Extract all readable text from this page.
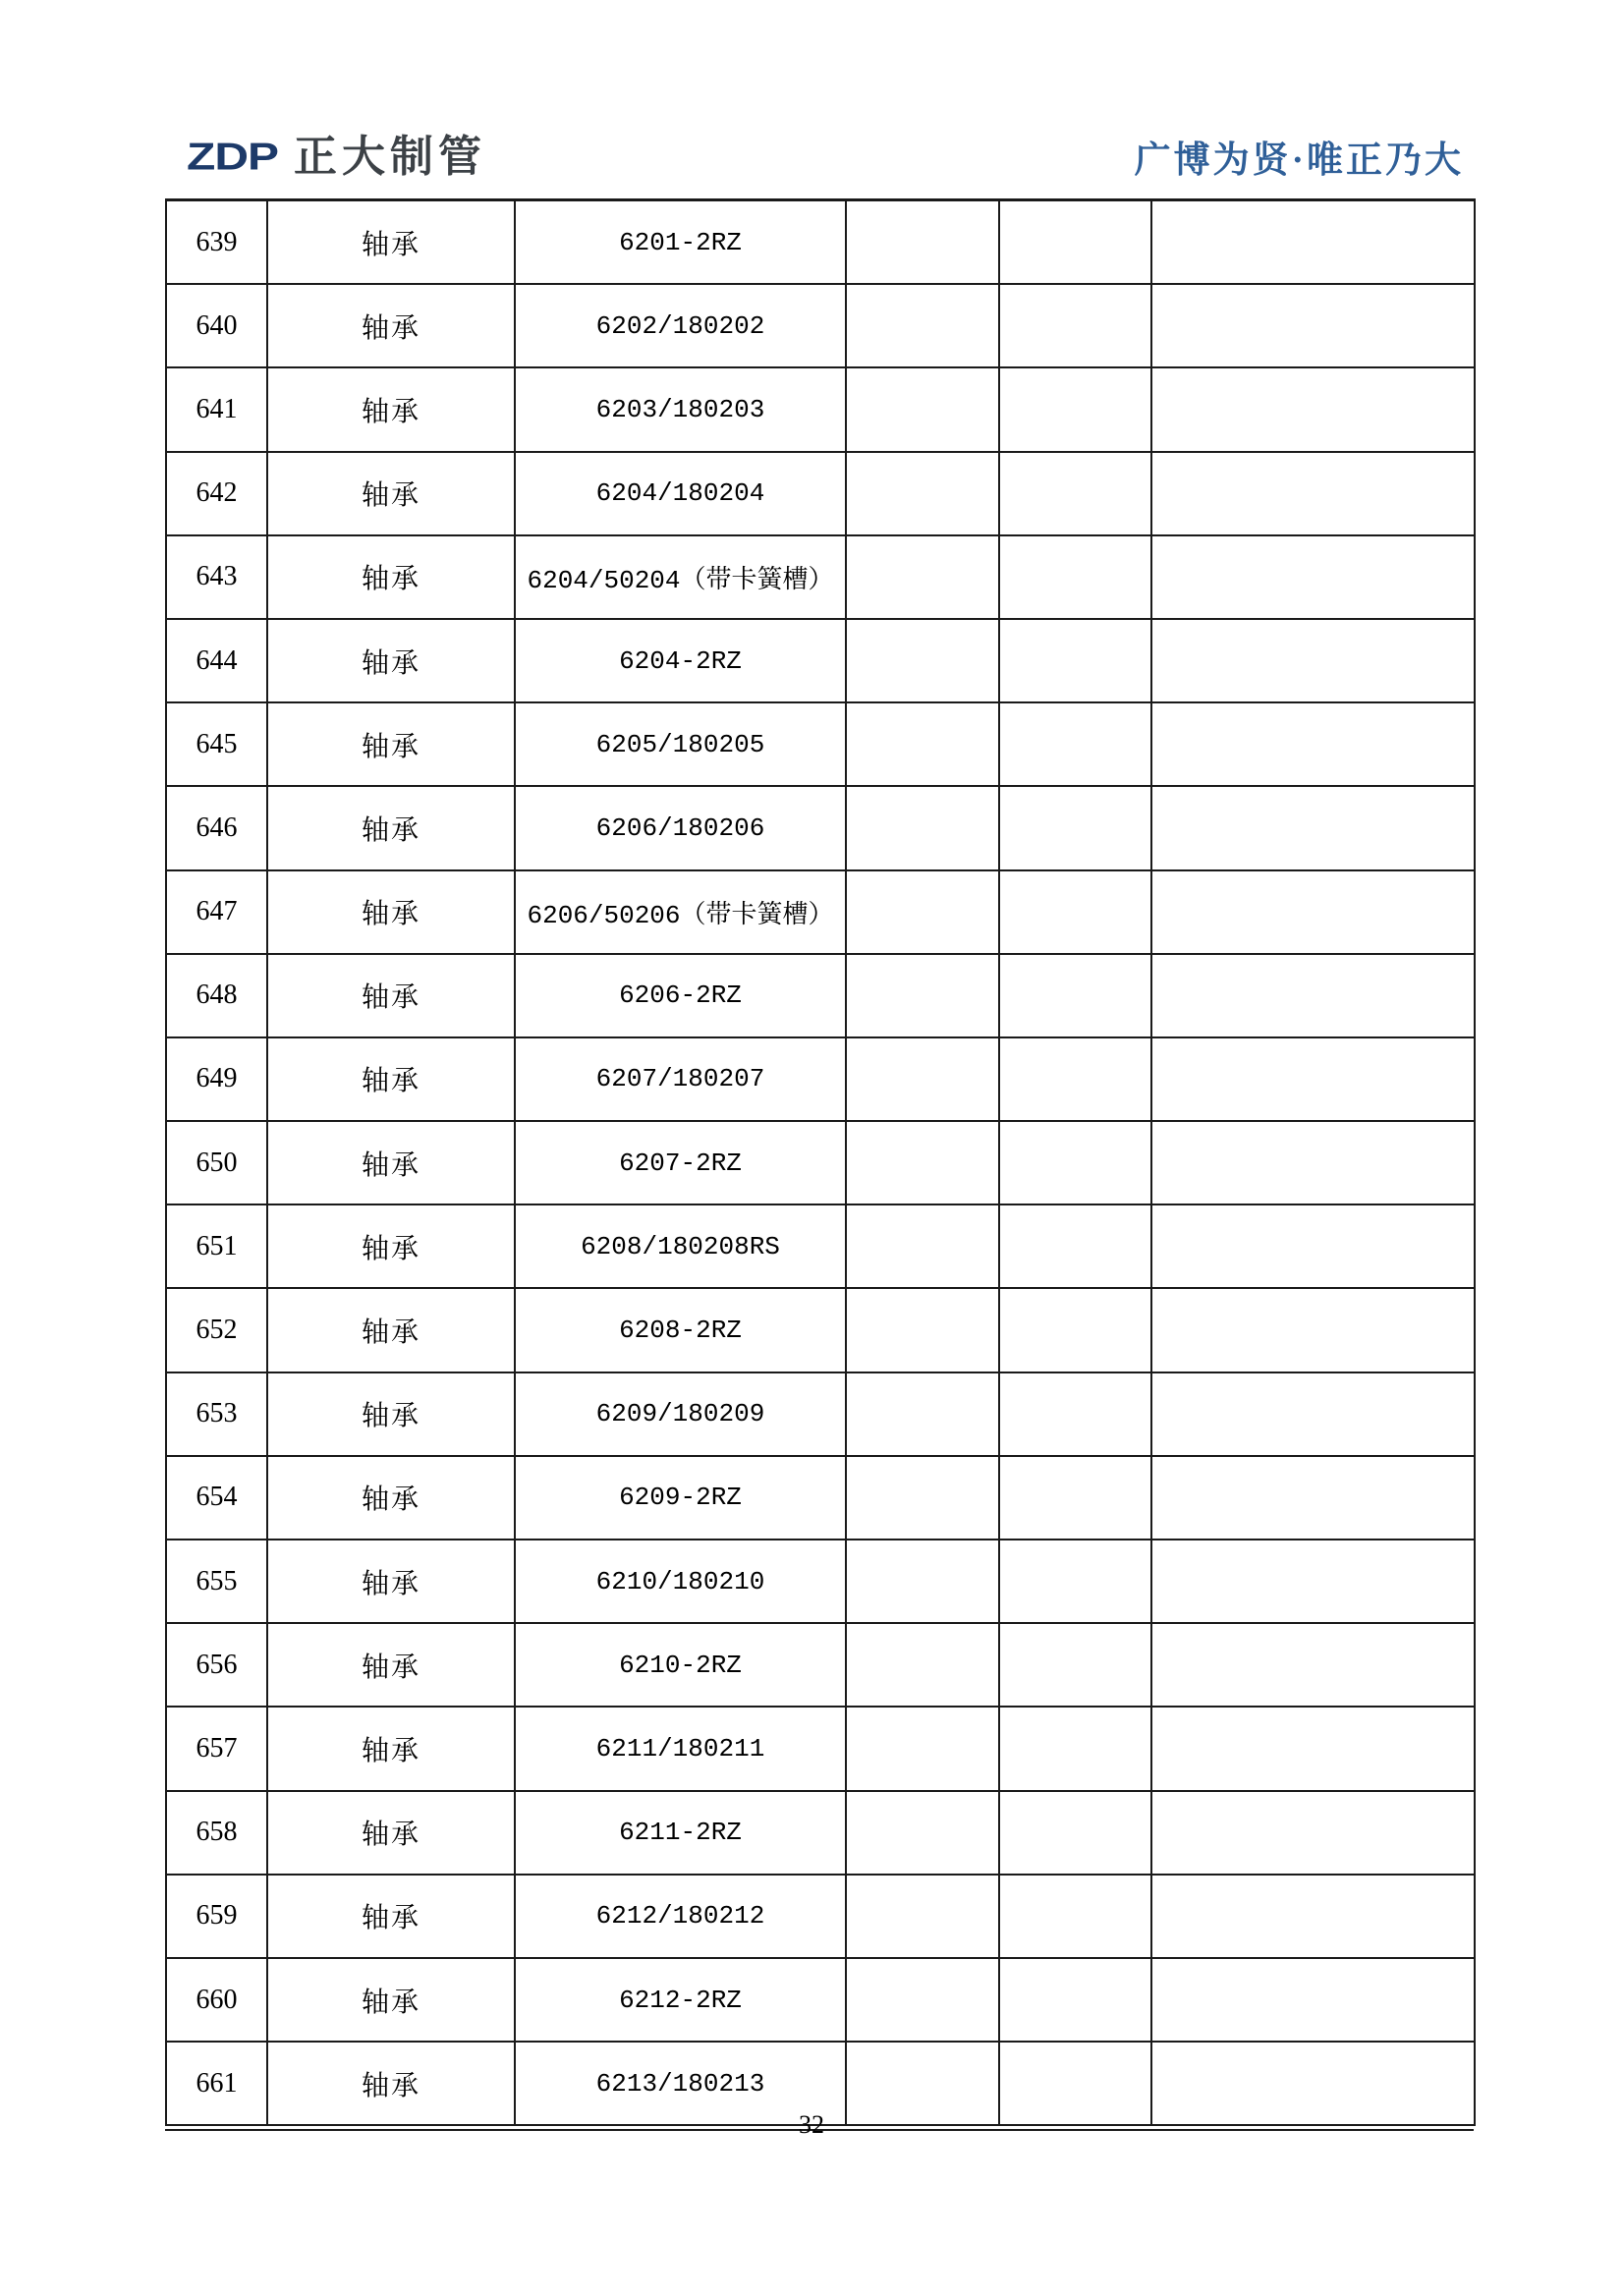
ZDP 正大制管	广博为贤·唯正乃大
639	轴承	6201-2RZ			
640	轴承	6202/180202			
641	轴承	6203/180203			
642	轴承	6204/180204			
643	轴承	6204/50204（带卡簧槽）			
644	轴承	6204-2RZ			
645	轴承	6205/180205			
646	轴承	6206/180206			
647	轴承	6206/50206（带卡簧槽）			
648	轴承	6206-2RZ			
649	轴承	6207/180207			
650	轴承	6207-2RZ			
651	轴承	6208/180208RS			
652	轴承	6208-2RZ			
653	轴承	6209/180209			
654	轴承	6209-2RZ			
655	轴承	6210/180210			
656	轴承	6210-2RZ			
657	轴承	6211/180211			
658	轴承	6211-2RZ			
659	轴承	6212/180212			
660	轴承	6212-2RZ			
661	轴承	6213/180213			
32
